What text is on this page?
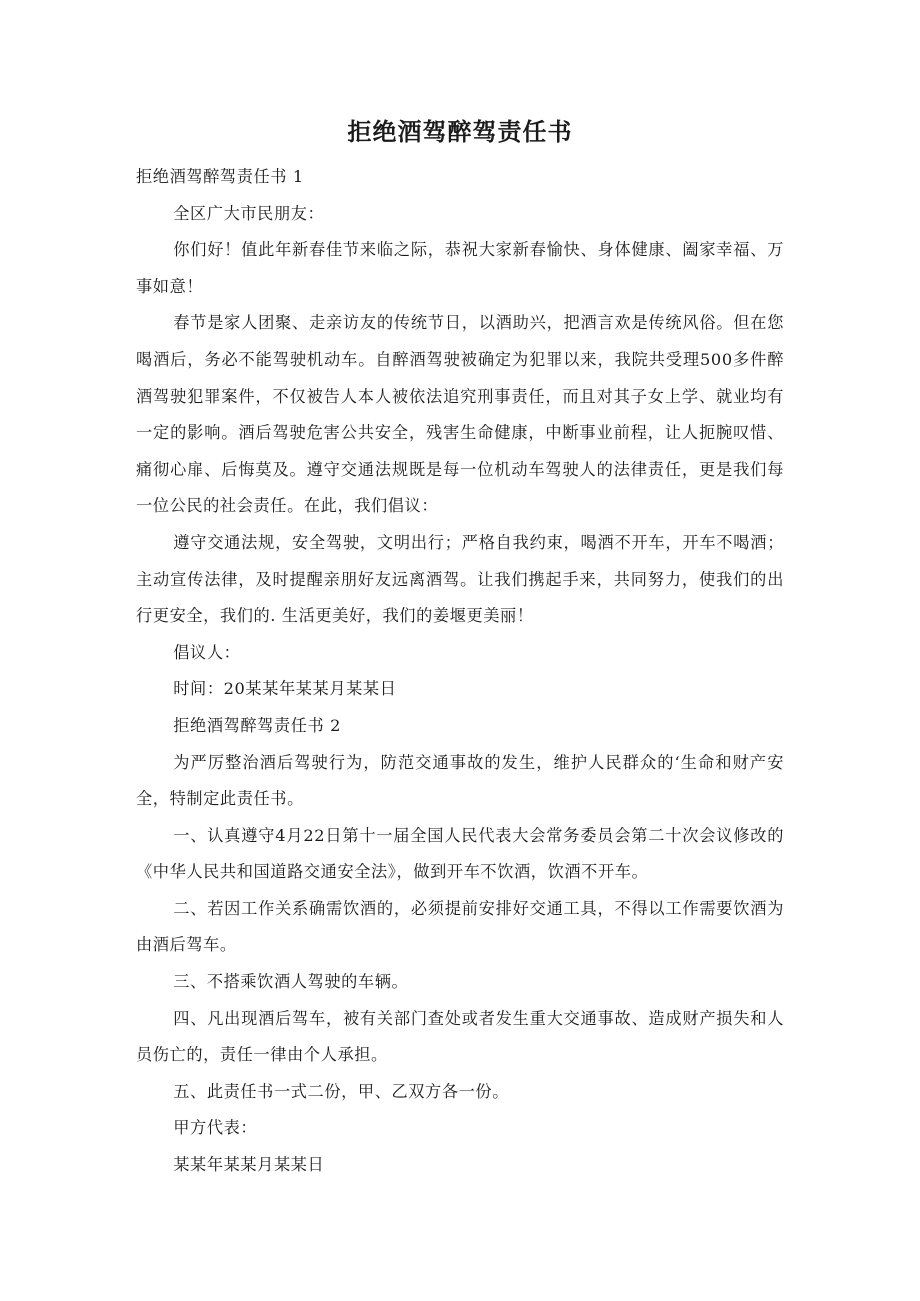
拒绝酒驾醉驾责任书

拒绝酒驾醉驾责任书 1

全区广大市民朋友：

你们好！值此年新春佳节来临之际，恭祝大家新春愉快、身体健康、阖家幸福、万事如意！

春节是家人团聚、走亲访友的传统节日，以酒助兴，把酒言欢是传统风俗。但在您喝酒后，务必不能驾驶机动车。自醉酒驾驶被确定为犯罪以来，我院共受理500多件醉酒驾驶犯罪案件，不仅被告人本人被依法追究刑事责任，而且对其子女上学、就业均有一定的影响。酒后驾驶危害公共安全，残害生命健康，中断事业前程，让人扼腕叹惜、痛彻心扉、后悔莫及。遵守交通法规既是每一位机动车驾驶人的法律责任，更是我们每一位公民的社会责任。在此，我们倡议：

遵守交通法规，安全驾驶，文明出行；严格自我约束，喝酒不开车，开车不喝酒；主动宣传法律，及时提醒亲朋好友远离酒驾。让我们携起手来，共同努力，使我们的出行更安全，我们的. 生活更美好，我们的姜堰更美丽！

倡议人：

时间：20某某年某某月某某日

拒绝酒驾醉驾责任书 2

为严厉整治酒后驾驶行为，防范交通事故的发生，维护人民群众的‘生命和财产安全，特制定此责任书。

一、认真遵守4月22日第十一届全国人民代表大会常务委员会第二十次会议修改的《中华人民共和国道路交通安全法》，做到开车不饮酒，饮酒不开车。

二、若因工作关系确需饮酒的，必须提前安排好交通工具，不得以工作需要饮酒为由酒后驾车。

三、不搭乘饮酒人驾驶的车辆。

四、凡出现酒后驾车，被有关部门查处或者发生重大交通事故、造成财产损失和人员伤亡的，责任一律由个人承担。

五、此责任书一式二份，甲、乙双方各一份。

甲方代表：

某某年某某月某某日
